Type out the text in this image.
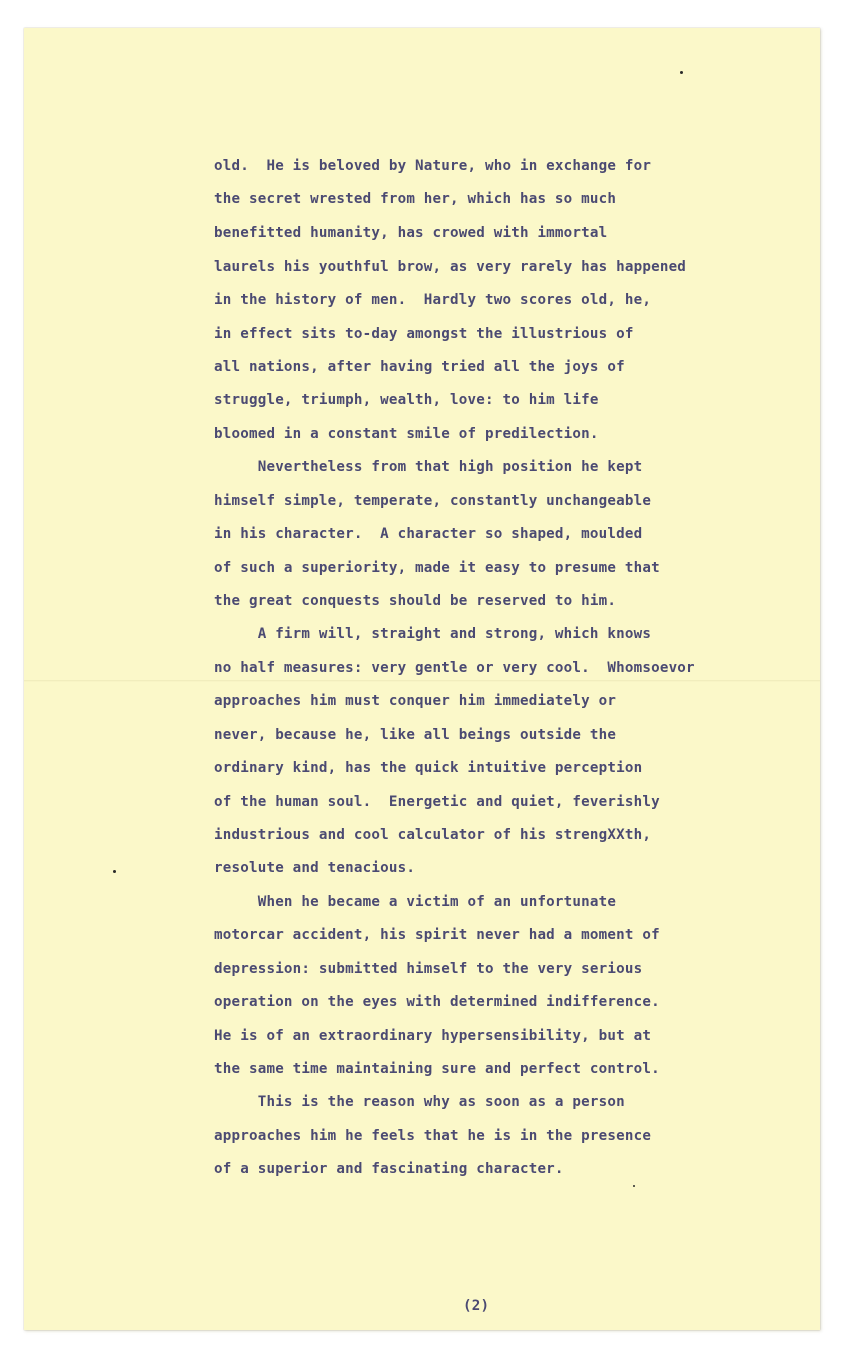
old.  He is beloved by Nature, who in exchange for
the secret wrested from her, which has so much
benefitted humanity, has crowed with immortal
laurels his youthful brow, as very rarely has happened
in the history of men.  Hardly two scores old, he,
in effect sits to-day amongst the illustrious of
all nations, after having tried all the joys of
struggle, triumph, wealth, love: to him life
bloomed in a constant smile of predilection.
Nevertheless from that high position he kept
himself simple, temperate, constantly unchangeable
in his character.  A character so shaped, moulded
of such a superiority, made it easy to presume that
the great conquests should be reserved to him.
A firm will, straight and strong, which knows
no half measures: very gentle or very cool.  Whomsoevor
approaches him must conquer him immediately or
never, because he, like all beings outside the
ordinary kind, has the quick intuitive perception
of the human soul.  Energetic and quiet, feverishly
industrious and cool calculator of his strengXXth,
resolute and tenacious.
When he became a victim of an unfortunate
motorcar accident, his spirit never had a moment of
depression: submitted himself to the very serious
operation on the eyes with determined indifference.
He is of an extraordinary hypersensibility, but at
the same time maintaining sure and perfect control.
This is the reason why as soon as a person
approaches him he feels that he is in the presence
of a superior and fascinating character.
(2)
